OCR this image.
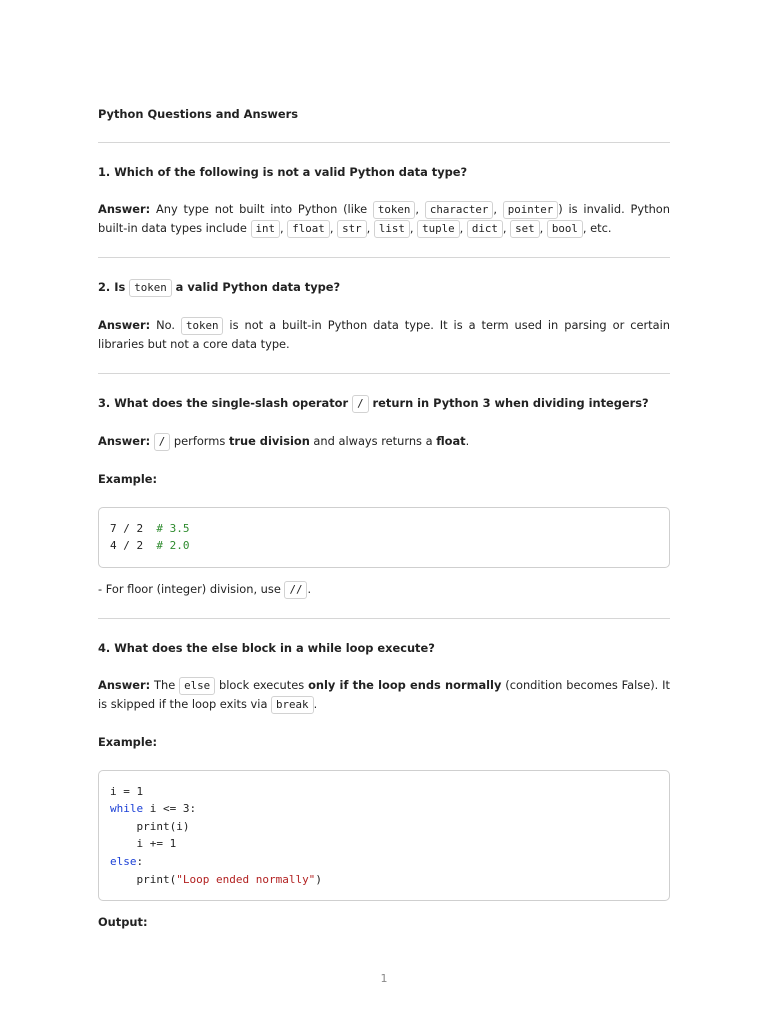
Python Questions and Answers

1. Which of the following is not a valid Python data type?

Answer: Any type not built into Python (like token , character , pointer ) is invalid. Python built-in data types include int , float , str , list , tuple , dict , set , bool , etc.

2. Is token a valid Python data type?

Answer: No. token is not a built-in Python data type. It is a term used in parsing or certain libraries but not a core data type.

3. What does the single-slash operator / return in Python 3 when dividing integers?

Answer: / performs true division and always returns a float.

Example:

7 / 2  # 3.5
4 / 2  # 2.0

- For floor (integer) division, use // .

4. What does the else block in a while loop execute?

Answer: The else block executes only if the loop ends normally (condition becomes False). It is skipped if the loop exits via break .

Example:

i = 1
while i <= 3:
print(i)
i += 1
else:
print("Loop ended normally")

Output:

1
